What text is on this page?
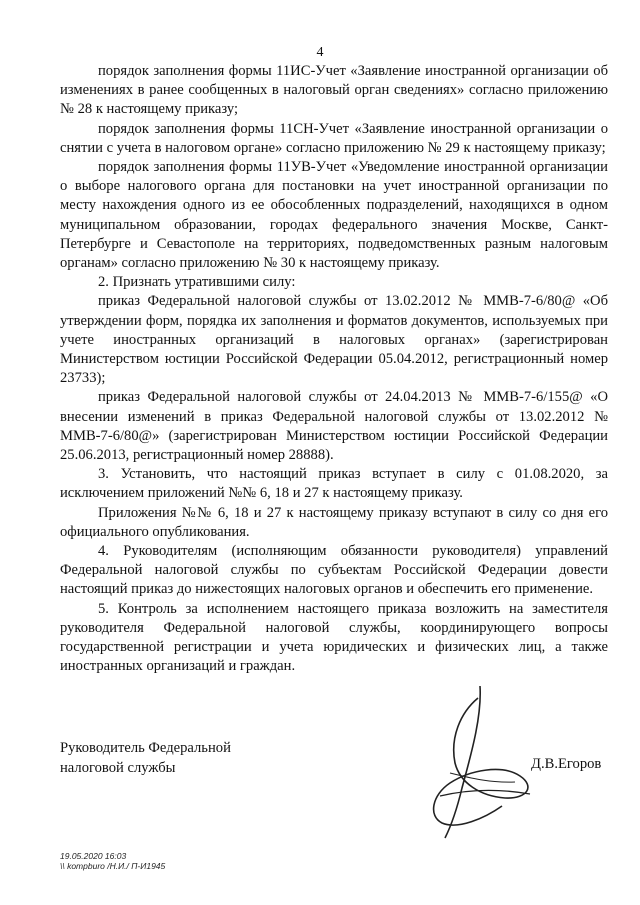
4

порядок заполнения формы 11ИС-Учет «Заявление иностранной организации об изменениях в ранее сообщенных в налоговый орган сведениях» согласно приложению № 28 к настоящему приказу;

порядок заполнения формы 11СН-Учет «Заявление иностранной организации о снятии с учета в налоговом органе» согласно приложению № 29 к настоящему приказу;

порядок заполнения формы 11УВ-Учет «Уведомление иностранной организации о выборе налогового органа для постановки на учет иностранной организации по месту нахождения одного из ее обособленных подразделений, находящихся в одном муниципальном образовании, городах федерального значения Москве, Санкт-Петербурге и Севастополе на территориях, подведомственных разным налоговым органам» согласно приложению № 30 к настоящему приказу.

2. Признать утратившими силу:

приказ Федеральной налоговой службы от 13.02.2012 № ММВ-7-6/80@ «Об утверждении форм, порядка их заполнения и форматов документов, используемых при учете иностранных организаций в налоговых органах» (зарегистрирован Министерством юстиции Российской Федерации 05.04.2012, регистрационный номер 23733);

приказ Федеральной налоговой службы от 24.04.2013 № ММВ-7-6/155@ «О внесении изменений в приказ Федеральной налоговой службы от 13.02.2012 № ММВ-7-6/80@» (зарегистрирован Министерством юстиции Российской Федерации 25.06.2013, регистрационный номер 28888).

3. Установить, что настоящий приказ вступает в силу с 01.08.2020, за исключением приложений №№ 6, 18 и 27 к настоящему приказу.

Приложения №№ 6, 18 и 27 к настоящему приказу вступают в силу со дня его официального опубликования.

4. Руководителям (исполняющим обязанности руководителя) управлений Федеральной налоговой службы по субъектам Российской Федерации довести настоящий приказ до нижестоящих налоговых органов и обеспечить его применение.

5. Контроль за исполнением настоящего приказа возложить на заместителя руководителя Федеральной налоговой службы, координирующего вопросы государственной регистрации и учета юридических и физических лиц, а также иностранных организаций и граждан.

Руководитель Федеральной
налоговой службы	Д.В.Егоров
19.05.2020 16:03
\\ kompburo /Н.И./ П-И1945
